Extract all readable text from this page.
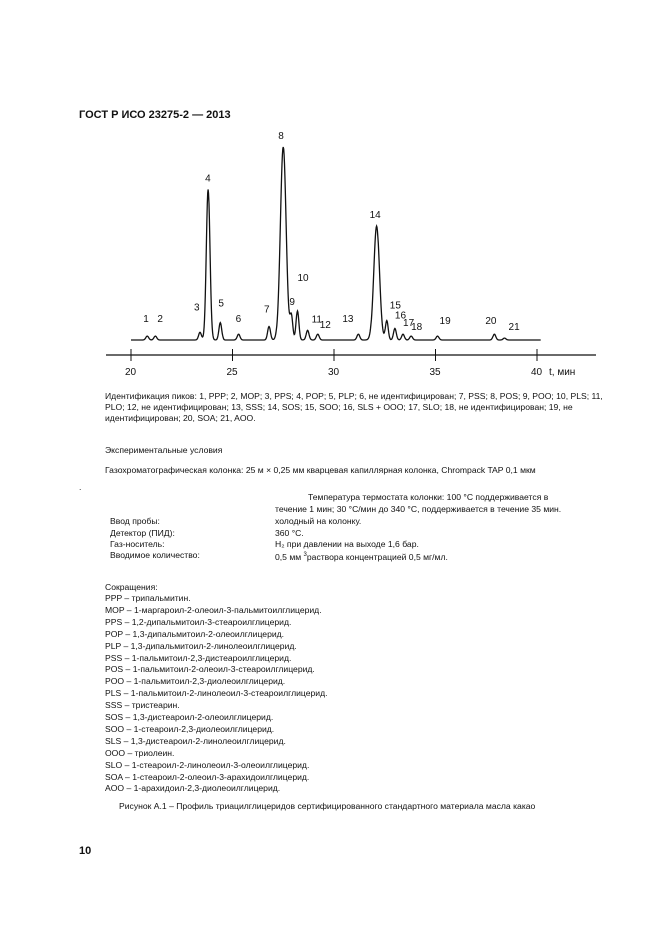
ГОСТ Р ИСО 23275-2 — 2013
1 2
3
4
5
6
7
8
9
10
11
12
13
14
15
16
17
18
19	20
21
20	25	30	35	40 t, мин

Идентификация пиков: 1, PPP; 2, MOP; 3, PPS; 4, POP; 5, PLP; 6, не идентифицирован; 7, PSS; 8, POS; 9, POO; 10, PLS; 11, PLO; 12, не идентифицирован; 13, SSS; 14, SOS; 15, SOO; 16, SLS + OOO; 17, SLO; 18, не идентифицирован; 19, не идентифицирован; 20, SOA; 21, AOO.

Экспериментальные условия

Газохроматографическая колонка: 25 м × 0,25 мм кварцевая капиллярная колонка, Chrompack TAP 0,1 мкм

.

Температура термостата колонки: 100 °C поддерживается в

течение 1 мин; 30 °C/мин до 340 °C, поддерживается в течение 35 мин.

Ввод пробы:	холодный на колонку.

Детектор (ПИД):	360 °C.

Газ-носитель:	H₂ при давлении на выходе 1,6 бар.

Вводимое количество:	0,5 мм $^3$раствора концентрацией 0,5 мг/мл.

Сокращения:

PPP – трипальмитин.

MOP – 1-маргароил-2-олеоил-3-пальмитоилглицерид.

PPS – 1,2-дипальмитоил-3-стеароилглицерид.

POP – 1,3-дипальмитоил-2-олеоилглицерид.

PLP – 1,3-дипальмитоил-2-линолеоилглицерид.

PSS – 1-пальмитоил-2,3-дистеароилглицерид.

POS – 1-пальмитоил-2-олеоил-3-стеароилглицерид.

POO – 1-пальмитоил-2,3-диолеоилглицерид.

PLS – 1-пальмитоил-2-линолеоил-3-стеароилглицерид.

SSS – тристеарин.

SOS – 1,3-дистеароил-2-олеоилглицерид.

SOO – 1-стеароил-2,3-диолеоилглицерид.

SLS – 1,3-дистеароил-2-линолеоилглицерид.

OOO – триолеин.

SLO – 1-стеароил-2-линолеоил-3-олеоилглицерид.

SOA – 1-стеароил-2-олеоил-3-арахидоилглицерид.

AOO – 1-арахидоил-2,3-диолеоилглицерид.

Рисунок А.1 – Профиль триацилглицеридов сертифицированного стандартного материала масла какао

10
